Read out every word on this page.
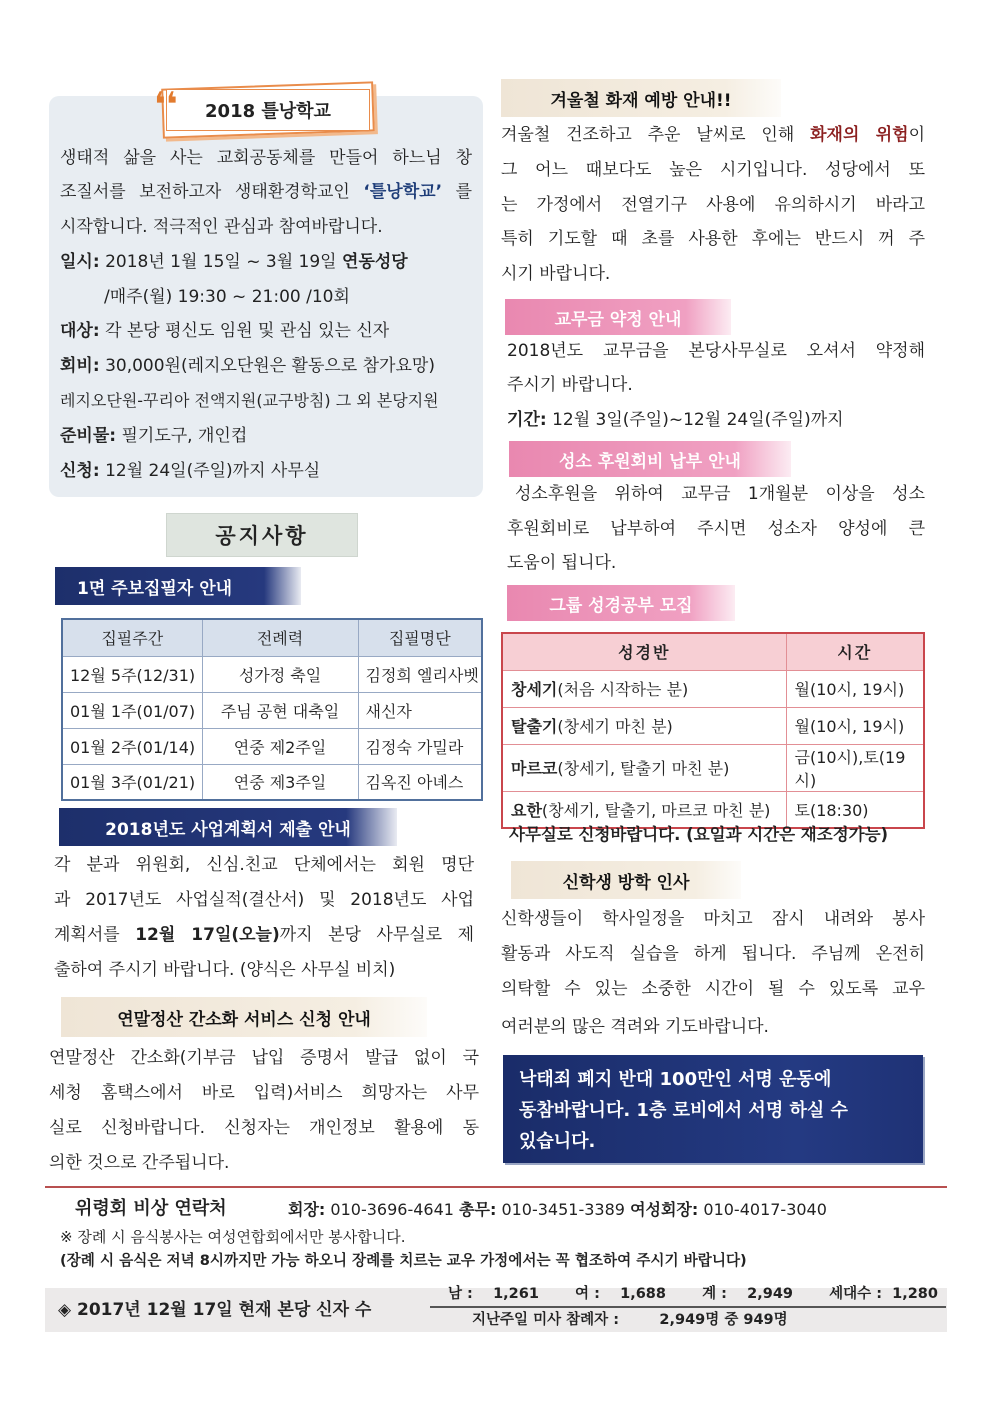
2018 틀낭학교
❛❛
생태적 삶을 사는 교회공동체를 만들어 하느님 창
조질서를 보전하고자 생태환경학교인 ‘틀낭학교’ 를
시작합니다. 적극적인 관심과 참여바랍니다.
일시: 2018년 1월 15일 ~ 3월 19일 연동성당
/매주(월) 19:30 ~ 21:00 /10회
대상: 각 본당 평신도 임원 및 관심 있는 신자
회비: 30,000원(레지오단원은 활동으로 참가요망)
레지오단원-꾸리아 전액지원(교구방침) 그 외 본당지원
준비물: 필기도구, 개인컵
신청: 12월 24일(주일)까지 사무실
공지사항
1면 주보집필자 안내
집필주간	전례력	집필명단
12월 5주(12/31)	성가정 축일	김정희 엘리사벳
01월 1주(01/07)	주님 공현 대축일	새신자
01월 2주(01/14)	연중 제2주일	김정숙 가밀라
01월 3주(01/21)	연중 제3주일	김옥진 아녜스
2018년도 사업계획서 제출 안내
각 분과 위원회, 신심.친교 단체에서는 회원 명단
과 2017년도 사업실적(결산서) 및 2018년도 사업
계획서를 12월 17일(오늘)까지 본당 사무실로 제
출하여 주시기 바랍니다. (양식은 사무실 비치)
연말정산 간소화 서비스 신청 안내
연말정산 간소화(기부금 납입 증명서 발급 없이 국
세청 홈택스에서 바로 입력)서비스 희망자는 사무
실로 신청바랍니다. 신청자는 개인정보 활용에 동
의한 것으로 간주됩니다.
겨울철 화재 예방 안내!!
겨울철 건조하고 추운 날씨로 인해 화재의 위험이
그 어느 때보다도 높은 시기입니다. 성당에서 또
는 가정에서 전열기구 사용에 유의하시기 바라고
특히 기도할 때 초를 사용한 후에는 반드시 꺼 주
시기 바랍니다.
교무금 약정 안내
2018년도 교무금을 본당사무실로 오셔서 약정해
주시기 바랍니다.
기간: 12월 3일(주일)~12월 24일(주일)까지
성소 후원회비 납부 안내
성소후원을 위하여 교무금 1개월분 이상을 성소
후원회비로 납부하여 주시면 성소자 양성에 큰
도움이 됩니다.
그룹 성경공부 모집
성경반	시간
창세기(처음 시작하는 분)	월(10시, 19시)
탈출기(창세기 마친 분)	월(10시, 19시)
마르코(창세기, 탈출기 마친 분)	금(10시),토(19시)
요한(창세기, 탈출기, 마르코 마친 분)	토(18:30)
사무실로 신청바랍니다. (요일과 시간은 재조정가능)
신학생 방학 인사
신학생들이 학사일정을 마치고 잠시 내려와 봉사
활동과 사도직 실습을 하게 됩니다. 주님께 온전히
의탁할 수 있는 소중한 시간이 될 수 있도록 교우
여러분의 많은 격려와 기도바랍니다.
낙태죄 폐지 반대 100만인 서명 운동에
동참바랍니다. 1층 로비에서 서명 하실 수
있습니다.
위령회 비상 연락처	회장: 010-3696-4641 총무: 010-3451-3389 여성회장: 010-4017-3040
※ 장례 시 음식봉사는 여성연합회에서만 봉사합니다.
(장례 시 음식은 저녁 8시까지만 가능 하오니 장례를 치르는 교우 가정에서는 꼭 협조하여 주시기 바랍니다)
◈ 2017년 12월 17일 현재 본당 신자 수
남 : 1,261 여 : 1,688 계 : 2,949 세대수 : 1,280
지난주일 미사 참례자 :	2,949명 중 949명
